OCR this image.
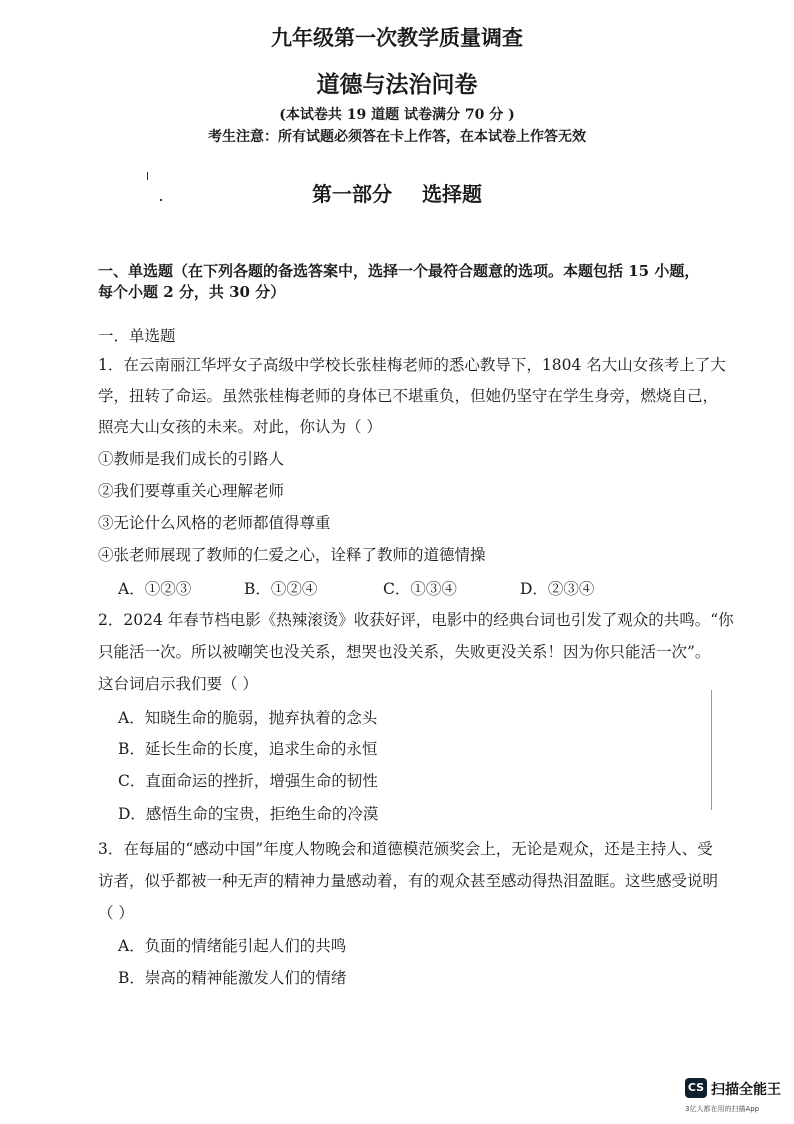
九年级第一次教学质量调查
道德与法治问卷
(本试卷共 19 道题 试卷满分 70 分 )
考生注意：所有试题必须答在卡上作答，在本试卷上作答无效
第一部分 选择题
一、单选题（在下列各题的备选答案中，选择一个最符合题意的选项。本题包括 15 小题，
每个小题 2 分，共 30 分）
一．单选题
1．在云南丽江华坪女子高级中学校长张桂梅老师的悉心教导下，1804 名大山女孩考上了大
学，扭转了命运。虽然张桂梅老师的身体已不堪重负，但她仍坚守在学生身旁，燃烧自己，
照亮大山女孩的未来。对此，你认为（ ）
①教师是我们成长的引路人
②我们要尊重关心理解老师
③无论什么风格的老师都值得尊重
④张老师展现了教师的仁爱之心，诠释了教师的道德情操
A．①②③	B．①②④	C．①③④	D．②③④
2．2024 年春节档电影《热辣滚烫》收获好评，电影中的经典台词也引发了观众的共鸣。“你
只能活一次。所以被嘲笑也没关系，想哭也没关系，失败更没关系！因为你只能活一次”。
这台词启示我们要（ ）
A．知晓生命的脆弱，抛弃执着的念头
B．延长生命的长度，追求生命的永恒
C．直面命运的挫折，增强生命的韧性
D．感悟生命的宝贵，拒绝生命的冷漠
3．在每届的“感动中国”年度人物晚会和道德模范颁奖会上，无论是观众，还是主持人、受
访者，似乎都被一种无声的精神力量感动着，有的观众甚至感动得热泪盈眶。这些感受说明
（ ）
A．负面的情绪能引起人们的共鸣
B．崇高的精神能激发人们的情绪
CS 扫描全能王
3亿人都在用的扫描App
